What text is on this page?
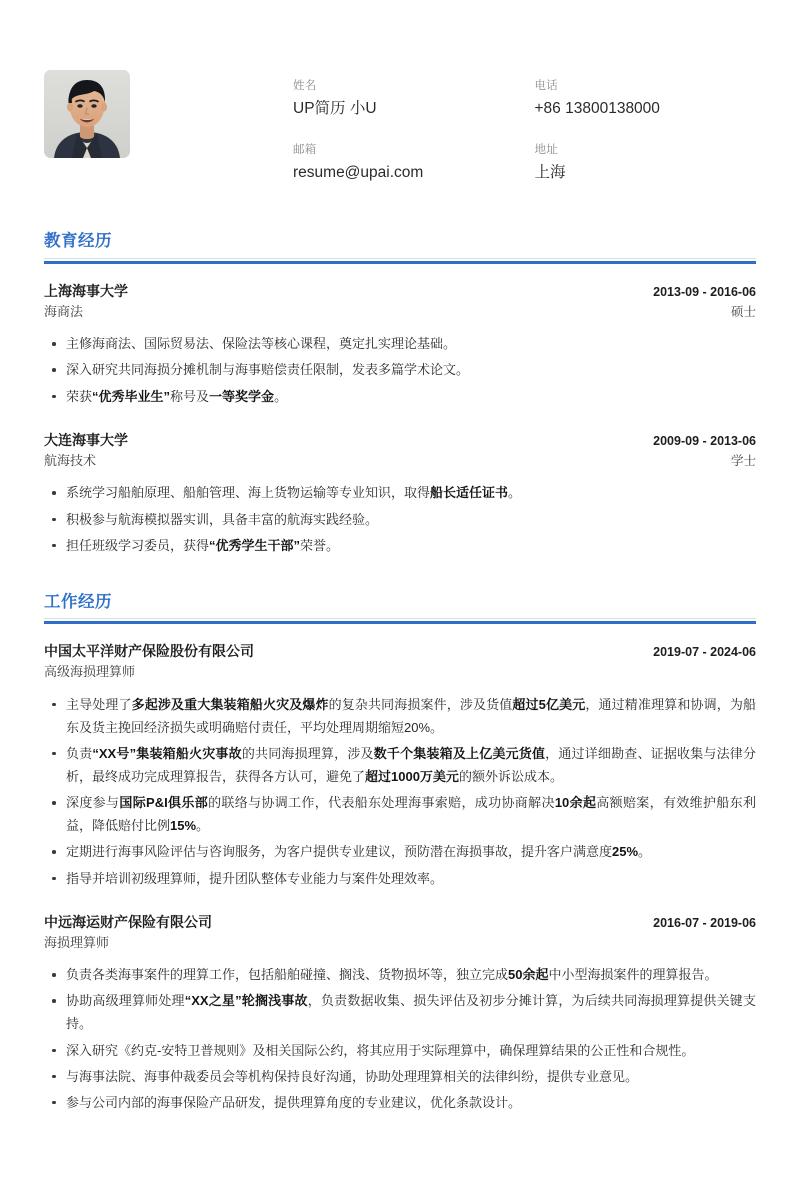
姓名
UP简历 小U
电话
+86 13800138000
邮箱
resume@upai.com
地址
上海
教育经历
上海海事大学	2013-09 - 2016-06
海商法	硕士
主修海商法、国际贸易法、保险法等核心课程，奠定扎实理论基础。
深入研究共同海损分摊机制与海事赔偿责任限制，发表多篇学术论文。
荣获“优秀毕业生”称号及一等奖学金。
大连海事大学	2009-09 - 2013-06
航海技术	学士
系统学习船舶原理、船舶管理、海上货物运输等专业知识，取得船长适任证书。
积极参与航海模拟器实训，具备丰富的航海实践经验。
担任班级学习委员，获得“优秀学生干部”荣誉。
工作经历
中国太平洋财产保险股份有限公司	2019-07 - 2024-06
高级海损理算师
主导处理了多起涉及重大集装箱船火灾及爆炸的复杂共同海损案件，涉及货值超过5亿美元，通过精准理算和协调，为船东及货主挽回经济损失或明确赔付责任，平均处理周期缩短20%。
负责“XX号”集装箱船火灾事故的共同海损理算，涉及数千个集装箱及上亿美元货值，通过详细勘查、证据收集与法律分析，最终成功完成理算报告，获得各方认可，避免了超过1000万美元的额外诉讼成本。
深度参与国际P&I俱乐部的联络与协调工作，代表船东处理海事索赔，成功协商解决10余起高额赔案，有效维护船东利益，降低赔付比例15%。
定期进行海事风险评估与咨询服务，为客户提供专业建议，预防潜在海损事故，提升客户满意度25%。
指导并培训初级理算师，提升团队整体专业能力与案件处理效率。
中远海运财产保险有限公司	2016-07 - 2019-06
海损理算师
负责各类海事案件的理算工作，包括船舶碰撞、搁浅、货物损坏等，独立完成50余起中小型海损案件的理算报告。
协助高级理算师处理“XX之星”轮搁浅事故，负责数据收集、损失评估及初步分摊计算，为后续共同海损理算提供关键支持。
深入研究《约克-安特卫普规则》及相关国际公约，将其应用于实际理算中，确保理算结果的公正性和合规性。
与海事法院、海事仲裁委员会等机构保持良好沟通，协助处理理算相关的法律纠纷，提供专业意见。
参与公司内部的海事保险产品研发，提供理算角度的专业建议，优化条款设计。
